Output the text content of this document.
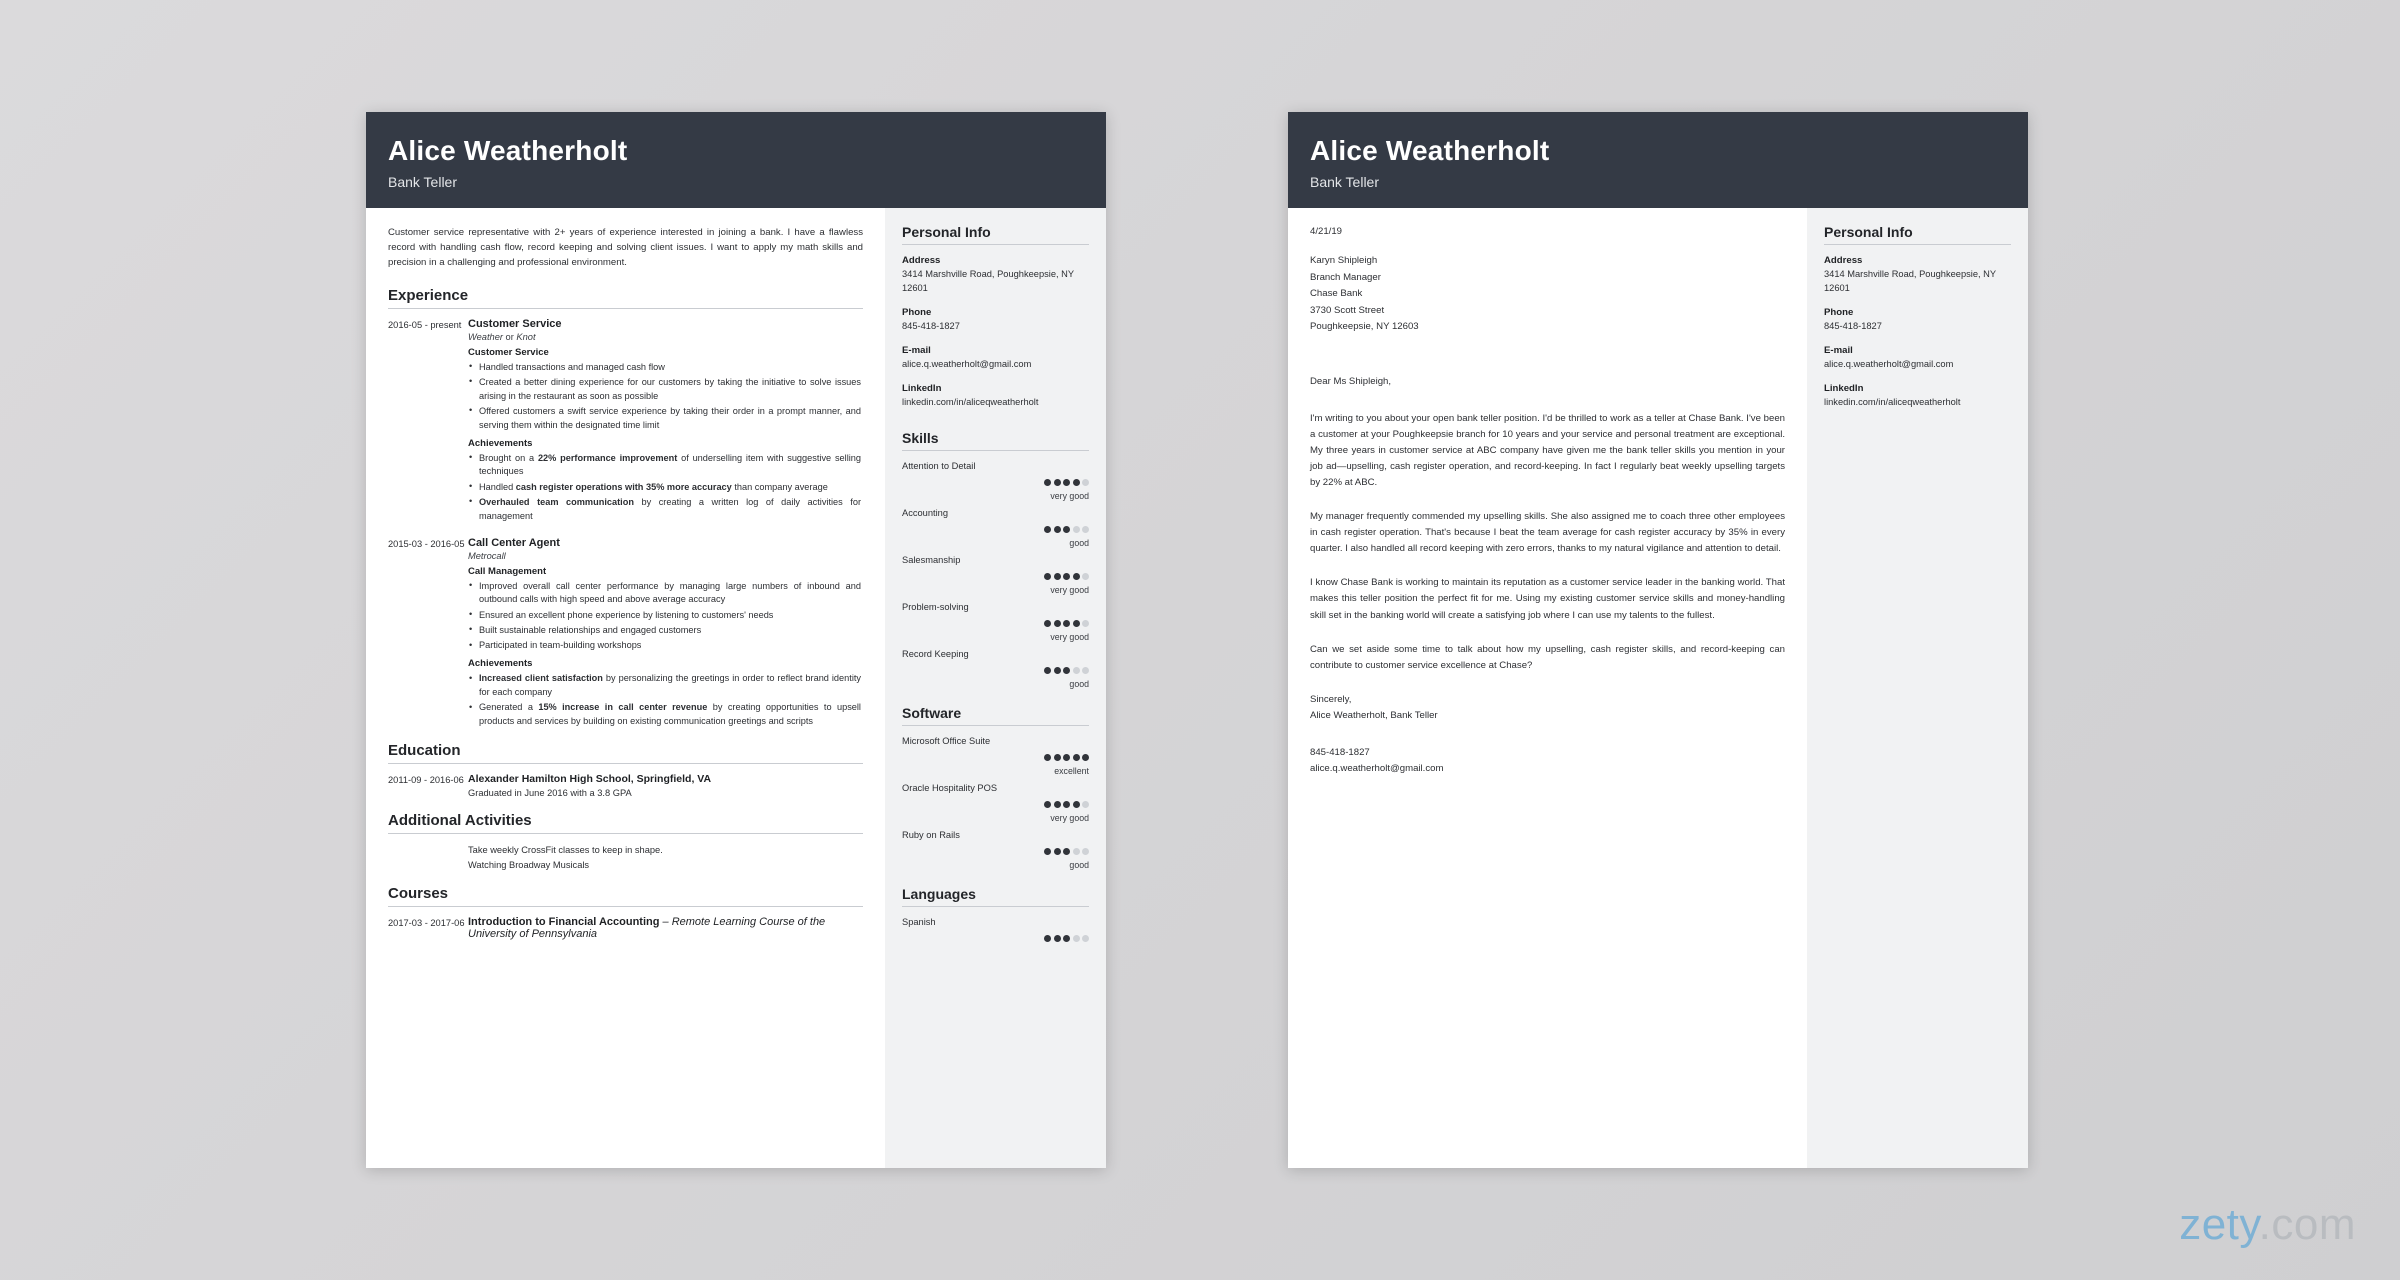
Alice Weatherholt
Bank Teller

Customer service representative with 2+ years of experience interested in joining a bank. I have a flawless record with handling cash flow, record keeping and solving client issues. I want to apply my math skills and precision in a challenging and professional environment.

Experience
2016-05 - present Customer Service
Weather or Knot
Customer Service
• Handled transactions and managed cash flow
• Created a better dining experience for our customers by taking the initiative to solve issues arising in the restaurant as soon as possible
• Offered customers a swift service experience by taking their order in a prompt manner, and serving them within the designated time limit
Achievements
• Brought on a 22% performance improvement of underselling item with suggestive selling techniques
• Handled cash register operations with 35% more accuracy than company average
• Overhauled team communication by creating a written log of daily activities for management
2015-03 - 2016-05 Call Center Agent
Metrocall
Call Management
• Improved overall call center performance by managing large numbers of inbound and outbound calls with high speed and above average accuracy
• Ensured an excellent phone experience by listening to customers' needs
• Built sustainable relationships and engaged customers
• Participated in team-building workshops
Achievements
• Increased client satisfaction by personalizing the greetings in order to reflect brand identity for each company
• Generated a 15% increase in call center revenue by creating opportunities to upsell products and services by building on existing communication greetings and scripts
Education
2011-09 - 2016-06 Alexander Hamilton High School, Springfield, VA
Graduated in June 2016 with a 3.8 GPA
Additional Activities
Take weekly CrossFit classes to keep in shape.
Watching Broadway Musicals
Courses
2017-03 - 2017-06 Introduction to Financial Accounting – Remote Learning Course of the University of Pennsylvania
Personal Info
Address
3414 Marshville Road, Poughkeepsie, NY 12601
Phone
845-418-1827
E-mail
alice.q.weatherholt@gmail.com
LinkedIn
linkedin.com/in/aliceqweatherholt
Skills
Attention to Detail
very good
Accounting
good
Salesmanship
very good
Problem-solving
very good
Record Keeping
good
Software
Microsoft Office Suite
excellent
Oracle Hospitality POS
very good
Ruby on Rails
good
Languages
Spanish
Alice Weatherholt
Bank Teller
4/21/19
Karyn Shipleigh
Branch Manager
Chase Bank
3730 Scott Street
Poughkeepsie, NY 12603
Dear Ms Shipleigh,

I'm writing to you about your open bank teller position. I'd be thrilled to work as a teller at Chase Bank. I've been a customer at your Poughkeepsie branch for 10 years and your service and personal treatment are exceptional. My three years in customer service at ABC company have given me the bank teller skills you mention in your job ad—upselling, cash register operation, and record-keeping. In fact I regularly beat weekly upselling targets by 22% at ABC.

My manager frequently commended my upselling skills. She also assigned me to coach three other employees in cash register operation. That's because I beat the team average for cash register accuracy by 35% in every quarter. I also handled all record keeping with zero errors, thanks to my natural vigilance and attention to detail.

I know Chase Bank is working to maintain its reputation as a customer service leader in the banking world. That makes this teller position the perfect fit for me. Using my existing customer service skills and money-handling skill set in the banking world will create a satisfying job where I can use my talents to the fullest.

Can we set aside some time to talk about how my upselling, cash register skills, and record-keeping can contribute to customer service excellence at Chase?

Sincerely,
Alice Weatherholt, Bank Teller
845-418-1827
alice.q.weatherholt@gmail.com
Personal Info
Address
3414 Marshville Road, Poughkeepsie, NY 12601
Phone
845-418-1827
E-mail
alice.q.weatherholt@gmail.com
LinkedIn
linkedin.com/in/aliceqweatherholt
zety.com
